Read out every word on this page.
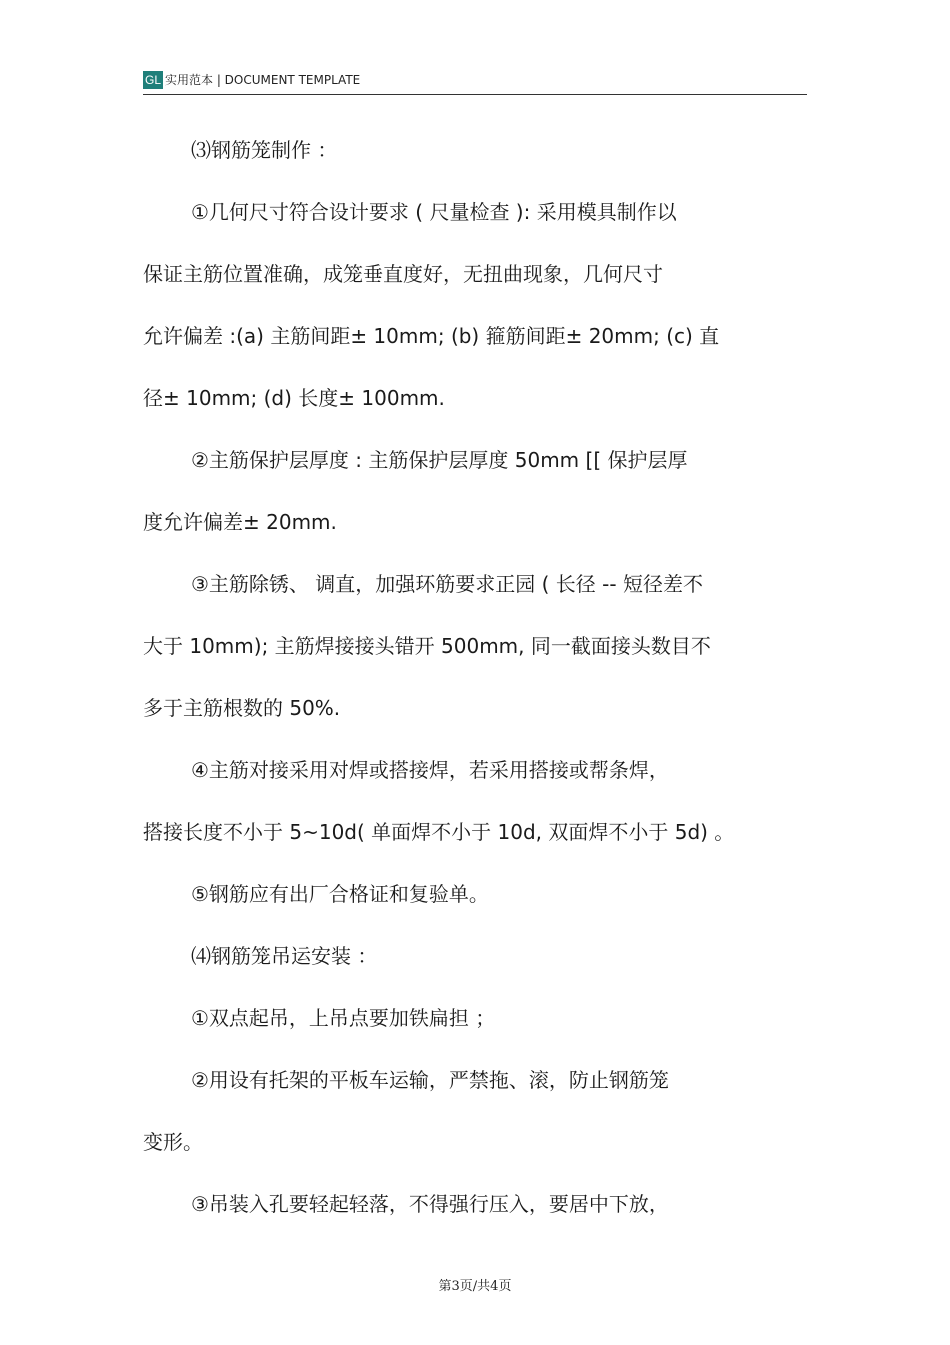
GL 实用范本 | DOCUMENT TEMPLATE
⑶钢筋笼制作 ：
①几何尺寸符合设计要求 ( 尺量检查 ): 采用模具制作以
保证主筋位置准确，成笼垂直度好，无扭曲现象，几何尺寸
允许偏差 :(a) 主筋间距± 10mm; (b) 箍筋间距± 20mm; (c) 直
径± 10mm; (d) 长度± 100mm.
②主筋保护层厚度 : 主筋保护层厚度 50mm [[ 保护层厚
度允许偏差± 20mm.
③主筋除锈、 调直，加强环筋要求正园 ( 长径 -- 短径差不
大于 10mm); 主筋焊接接头错开 500mm, 同一截面接头数目不
多于主筋根数的 50%.
④主筋对接采用对焊或搭接焊，若采用搭接或帮条焊，
搭接长度不小于 5~10d( 单面焊不小于 10d, 双面焊不小于 5d) 。
⑤钢筋应有出厂合格证和复验单。
⑷钢筋笼吊运安装 ：
①双点起吊，上吊点要加铁扁担 ；
②用设有托架的平板车运输，严禁拖、滚，防止钢筋笼
变形。
③吊装入孔要轻起轻落，不得强行压入，要居中下放，
第3页/共4页
